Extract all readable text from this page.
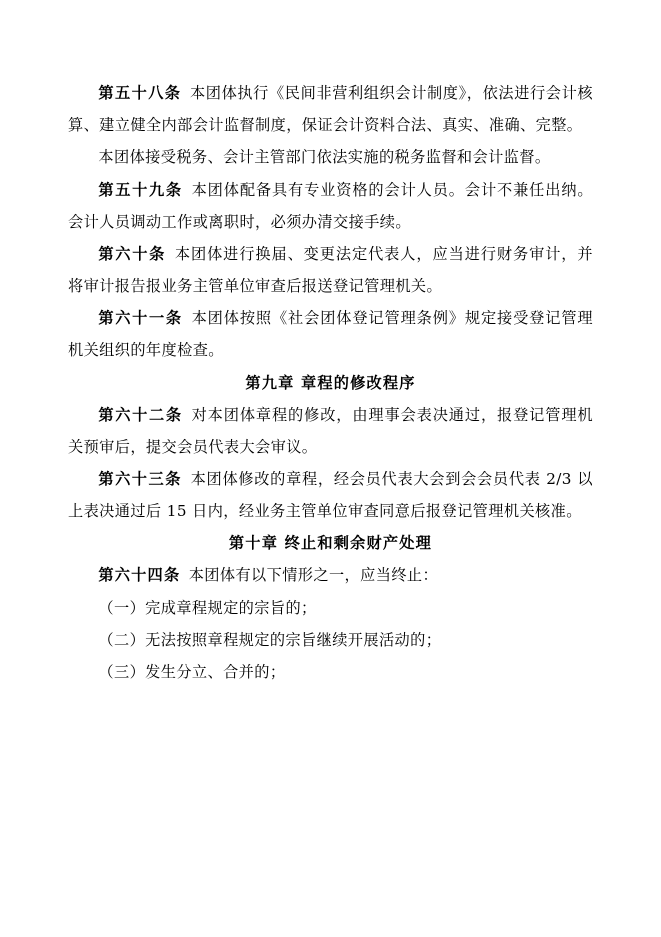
第五十八条 本团体执行《民间非营利组织会计制度》，依法进行会计核算、建立健全内部会计监督制度，保证会计资料合法、真实、准确、完整。

本团体接受税务、会计主管部门依法实施的税务监督和会计监督。

第五十九条 本团体配备具有专业资格的会计人员。会计不兼任出纳。会计人员调动工作或离职时，必须办清交接手续。

第六十条 本团体进行换届、变更法定代表人，应当进行财务审计，并将审计报告报业务主管单位审查后报送登记管理机关。

第六十一条 本团体按照《社会团体登记管理条例》规定接受登记管理机关组织的年度检查。

第九章 章程的修改程序

第六十二条 对本团体章程的修改，由理事会表决通过，报登记管理机关预审后，提交会员代表大会审议。

第六十三条 本团体修改的章程，经会员代表大会到会会员代表 2/3 以上表决通过后 15 日内，经业务主管单位审查同意后报登记管理机关核准。

第十章 终止和剩余财产处理

第六十四条 本团体有以下情形之一，应当终止：

（一）完成章程规定的宗旨的；

（二）无法按照章程规定的宗旨继续开展活动的；

（三）发生分立、合并的；
